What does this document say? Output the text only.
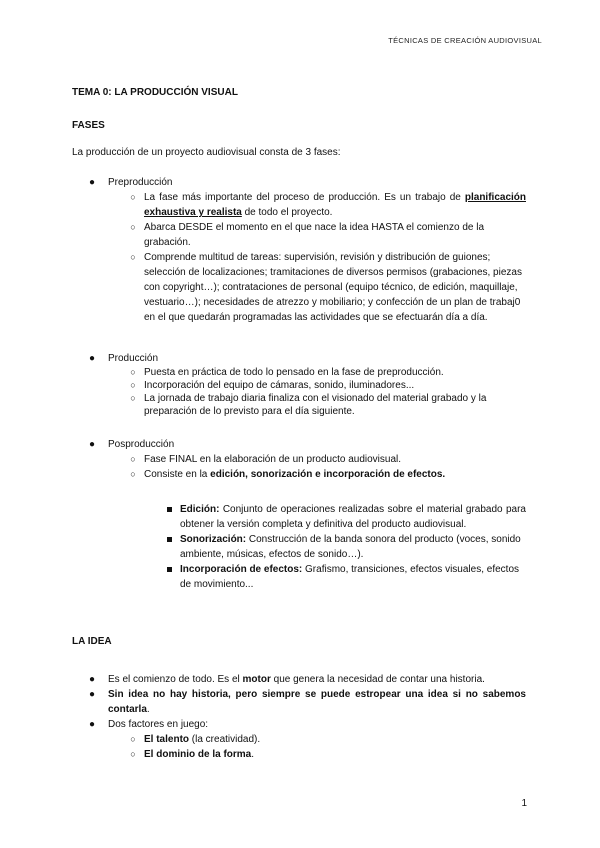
TÉCNICAS DE CREACIÓN AUDIOVISUAL
TEMA 0: LA PRODUCCIÓN VISUAL
FASES
La producción de un proyecto audiovisual consta de 3 fases:
● Preproducción
○ La fase más importante del proceso de producción. Es un trabajo de planificación exhaustiva y realista de todo el proyecto.
○ Abarca DESDE el momento en el que nace la idea HASTA el comienzo de la grabación.
○ Comprende multitud de tareas: supervisión, revisión y distribución de guiones; selección de localizaciones; tramitaciones de diversos permisos (grabaciones, piezas con copyright…); contrataciones de personal (equipo técnico, de edición, maquillaje, vestuario…); necesidades de atrezzo y mobiliario; y confección de un plan de trabaj0 en el que quedarán programadas las actividades que se efectuarán día a día.
● Producción
○ Puesta en práctica de todo lo pensado en la fase de preproducción.
○ Incorporación del equipo de cámaras, sonido, iluminadores...
○ La jornada de trabajo diaria finaliza con el visionado del material grabado y la preparación de lo previsto para el día siguiente.
● Posproducción
○ Fase FINAL en la elaboración de un producto audiovisual.
○ Consiste en la edición, sonorización e incorporación de efectos.
Edición: Conjunto de operaciones realizadas sobre el material grabado para obtener la versión completa y definitiva del producto audiovisual.
Sonorización: Construcción de la banda sonora del producto (voces, sonido ambiente, músicas, efectos de sonido…).
Incorporación de efectos: Grafismo, transiciones, efectos visuales, efectos de movimiento...
LA IDEA
● Es el comienzo de todo. Es el motor que genera la necesidad de contar una historia.
● Sin idea no hay historia, pero siempre se puede estropear una idea si no sabemos contarla.
● Dos factores en juego:
○ El talento (la creatividad).
○ El dominio de la forma.
1
